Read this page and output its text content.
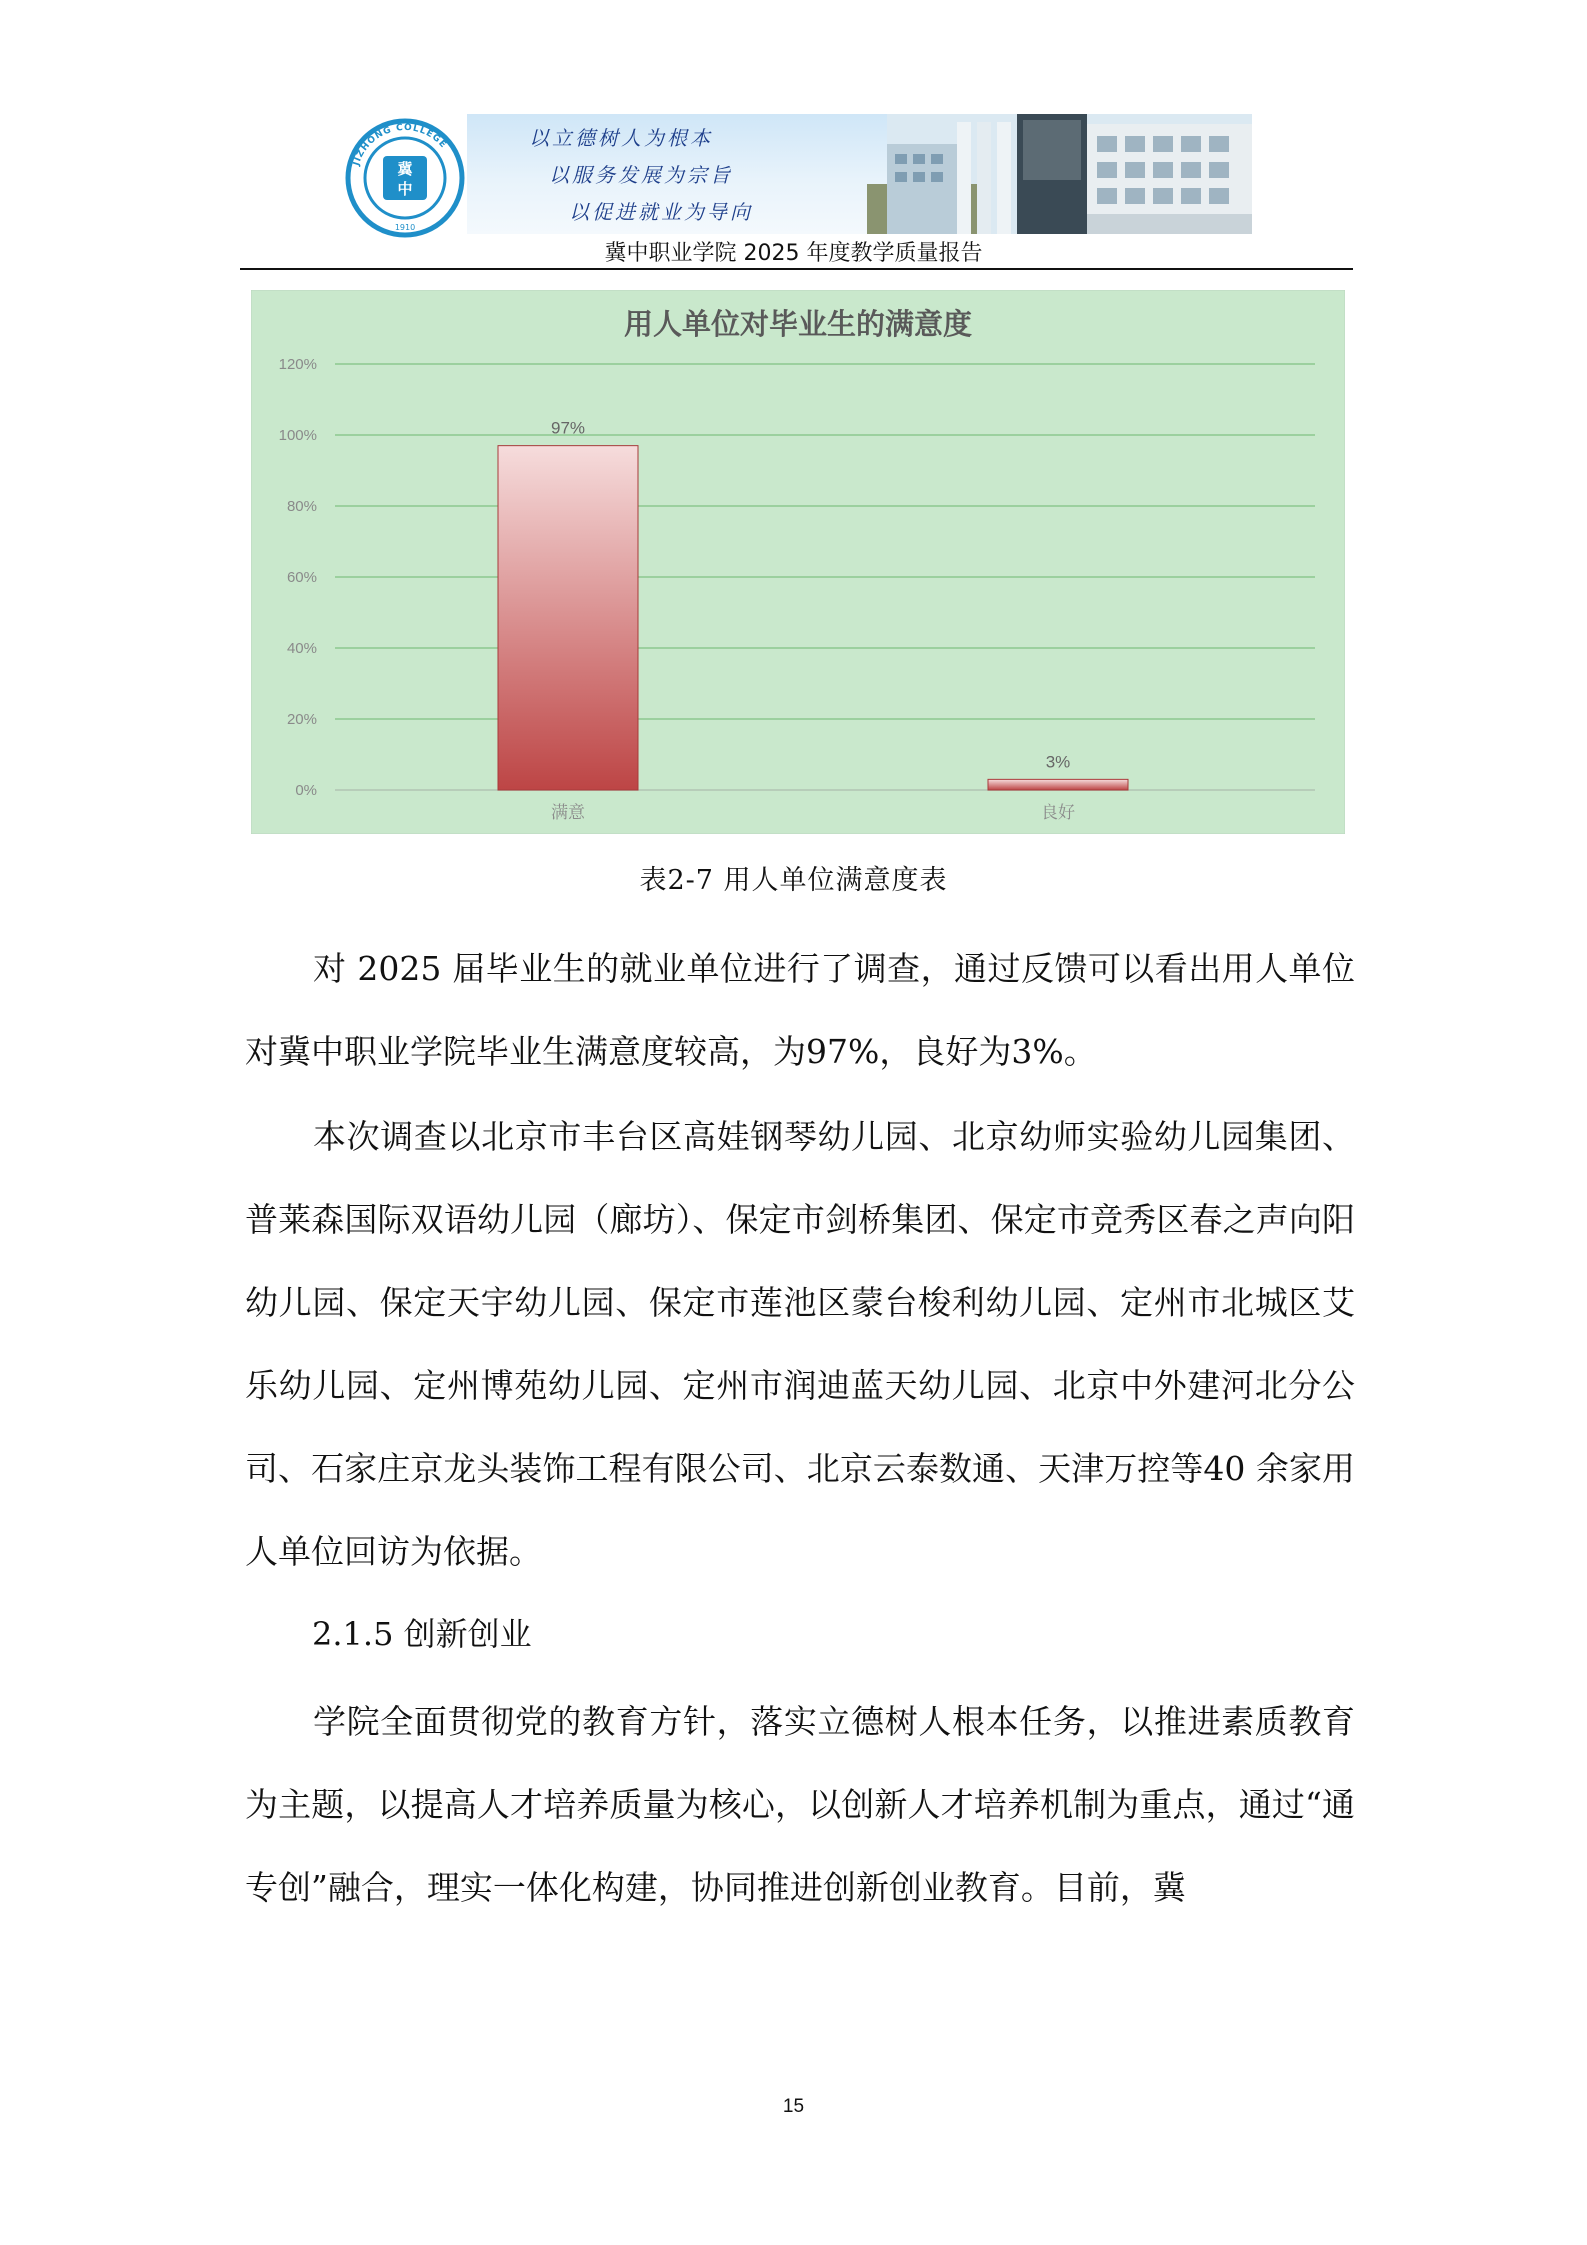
JIZHONG COLLEGE
1910
冀
中
以立德树人为根本
以服务发展为宗旨
以促进就业为导向
冀中职业学院 2025 年度教学质量报告
用人单位对毕业生的满意度
0%
20%
40%
60%
80%
100%
120%
97%
3%
满意	良好
表2-7 用人单位满意度表

对 2025 届毕业生的就业单位进行了调查，通过反馈可以看出用人单位对冀中职业学院毕业生满意度较高，为97%，良好为3%。

本次调查以北京市丰台区高娃钢琴幼儿园、北京幼师实验幼儿园集团、普莱森国际双语幼儿园（廊坊）、保定市剑桥集团、保定市竞秀区春之声向阳幼儿园、保定天宇幼儿园、保定市莲池区蒙台梭利幼儿园、定州市北城区艾乐幼儿园、定州博苑幼儿园、定州市润迪蓝天幼儿园、北京中外建河北分公司、石家庄京龙头装饰工程有限公司、北京云泰数通、天津万控等40 余家用人单位回访为依据。

2.1.5 创新创业

学院全面贯彻党的教育方针，落实立德树人根本任务，以推进素质教育为主题，以提高人才培养质量为核心，以创新人才培养机制为重点，通过“通专创”融合，理实一体化构建，协同推进创新创业教育。目前，冀

15
